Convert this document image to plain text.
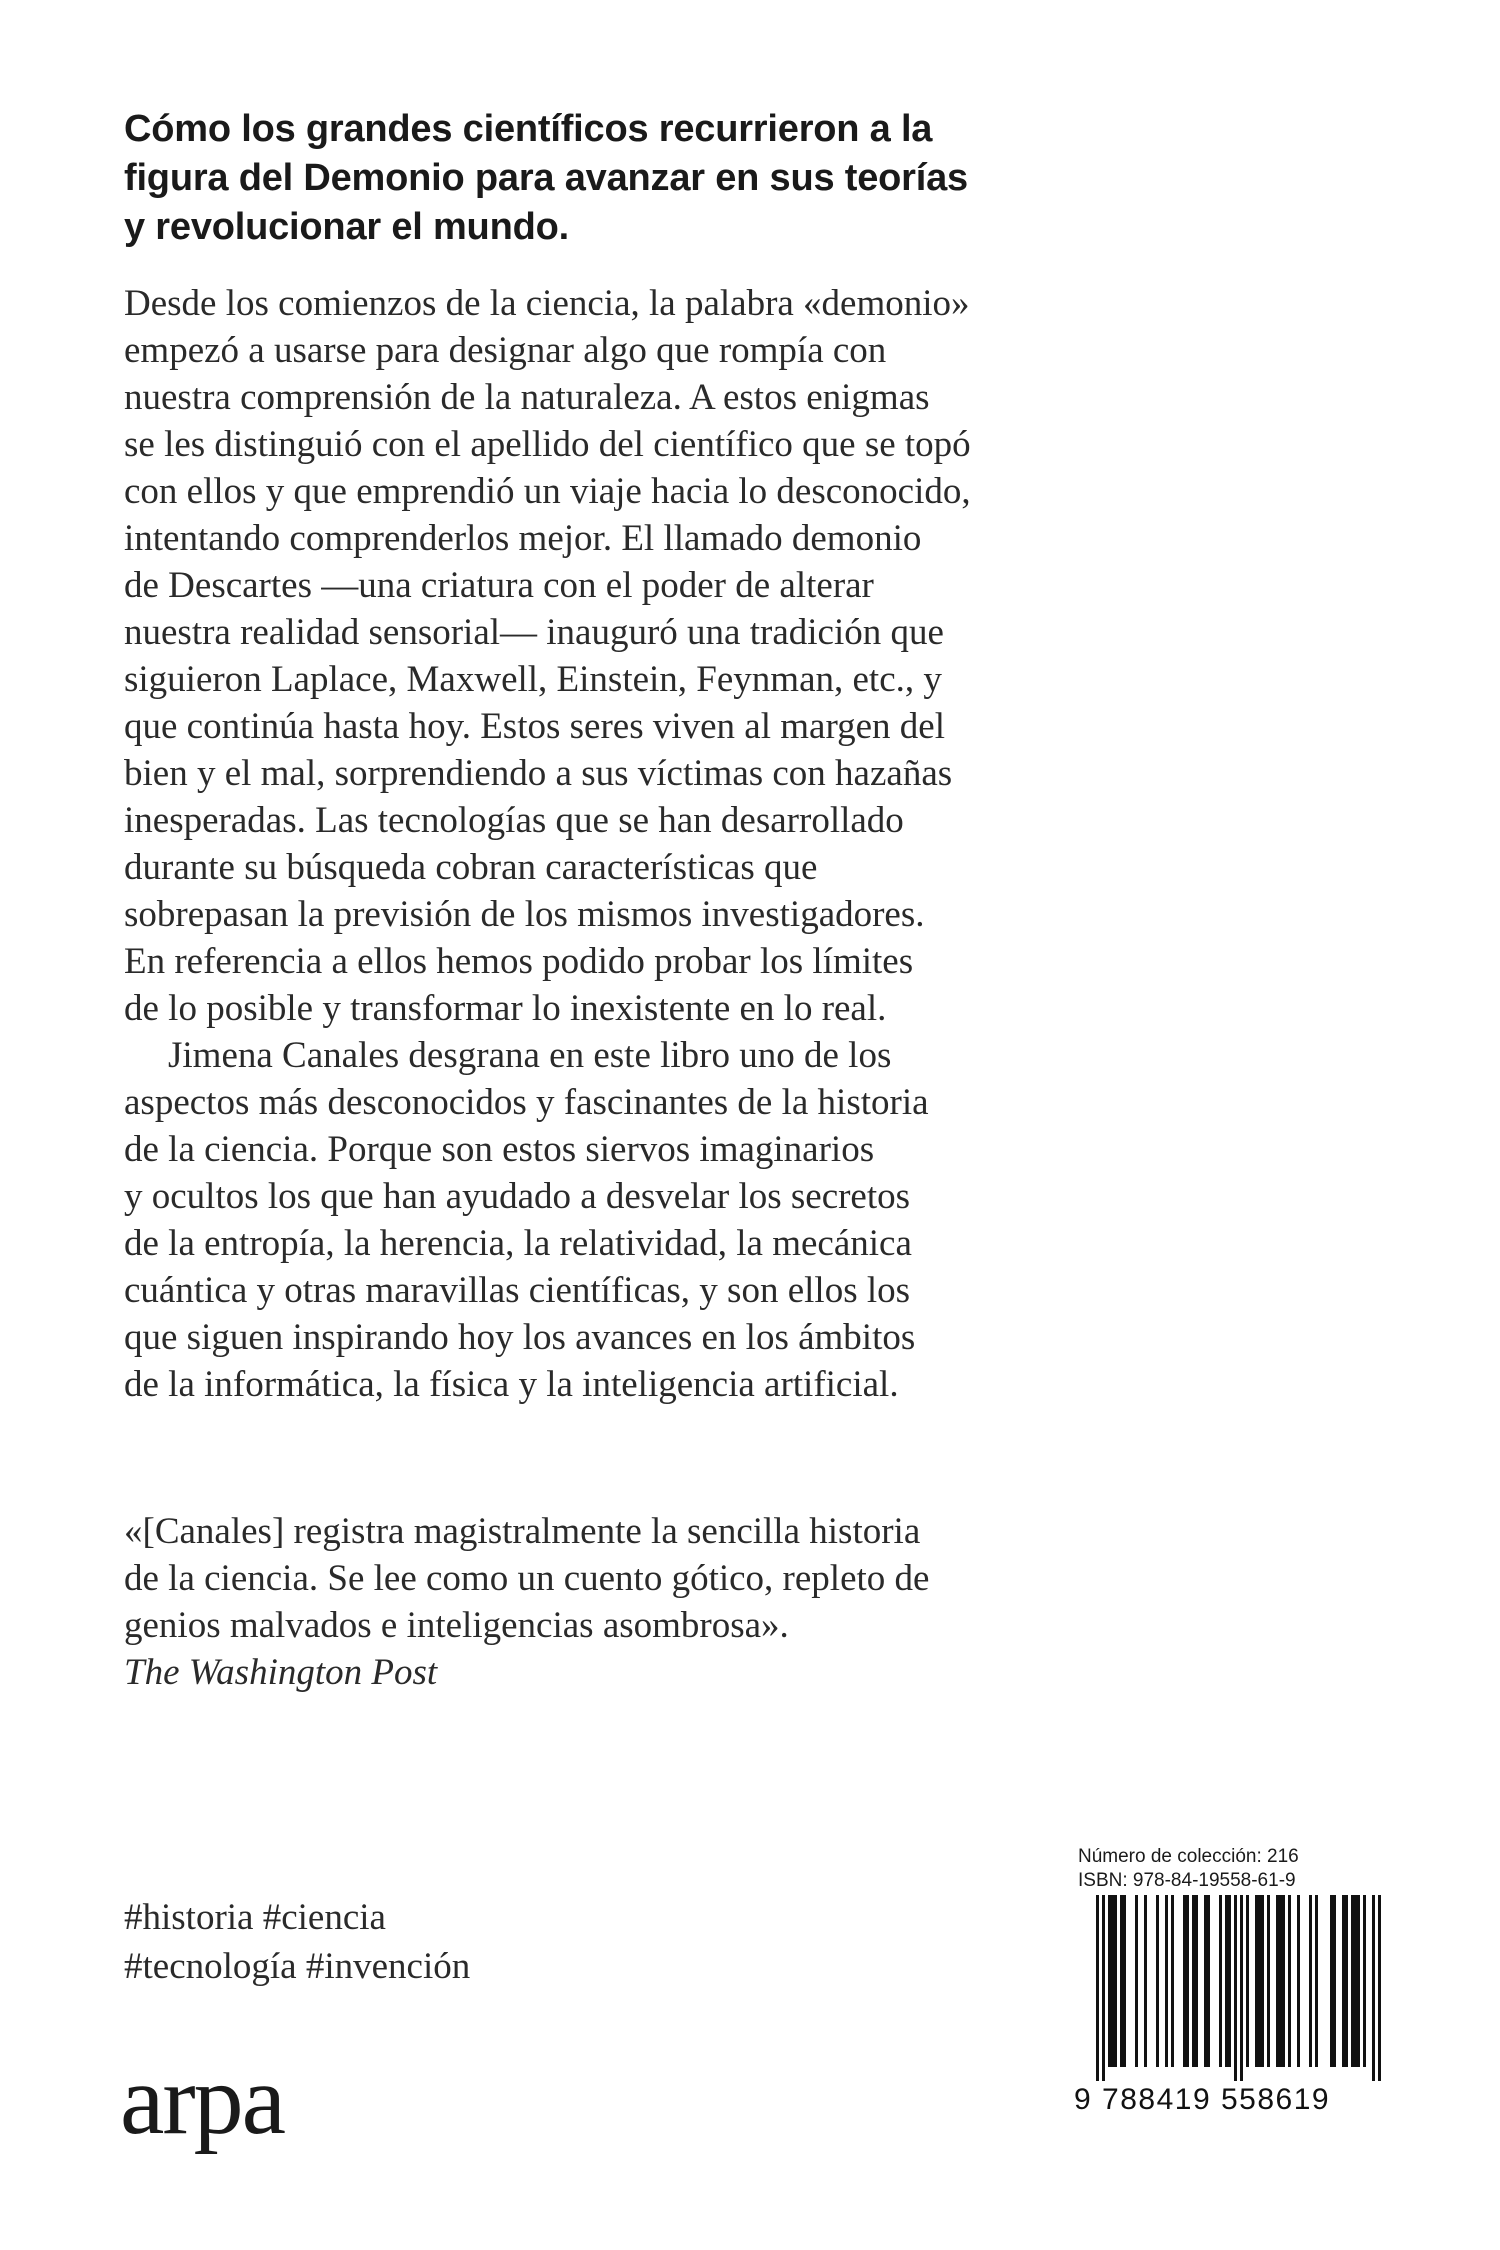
Cómo los grandes científicos recurrieron a la
figura del Demonio para avanzar en sus teorías
y revolucionar el mundo.
Desde los comienzos de la ciencia, la palabra «demonio»
empezó a usarse para designar algo que rompía con
nuestra comprensión de la naturaleza. A estos enigmas
se les distinguió con el apellido del científico que se topó
con ellos y que emprendió un viaje hacia lo desconocido,
intentando comprenderlos mejor. El llamado demonio
de Descartes —una criatura con el poder de alterar
nuestra realidad sensorial— inauguró una tradición que
siguieron Laplace, Maxwell, Einstein, Feynman, etc., y
que continúa hasta hoy. Estos seres viven al margen del
bien y el mal, sorprendiendo a sus víctimas con hazañas
inesperadas. Las tecnologías que se han desarrollado
durante su búsqueda cobran características que
sobrepasan la previsión de los mismos investigadores.
En referencia a ellos hemos podido probar los límites
de lo posible y transformar lo inexistente en lo real.
Jimena Canales desgrana en este libro uno de los
aspectos más desconocidos y fascinantes de la historia
de la ciencia. Porque son estos siervos imaginarios
y ocultos los que han ayudado a desvelar los secretos
de la entropía, la herencia, la relatividad, la mecánica
cuántica y otras maravillas científicas, y son ellos los
que siguen inspirando hoy los avances en los ámbitos
de la informática, la física y la inteligencia artificial.
«[Canales] registra magistralmente la sencilla historia
de la ciencia. Se lee como un cuento gótico, repleto de
genios malvados e inteligencias asombrosa».
The Washington Post
#historia #ciencia
#tecnología #invención
arpa
Número de colección: 216
ISBN: 978-84-19558-61-9
9 788419 558619
